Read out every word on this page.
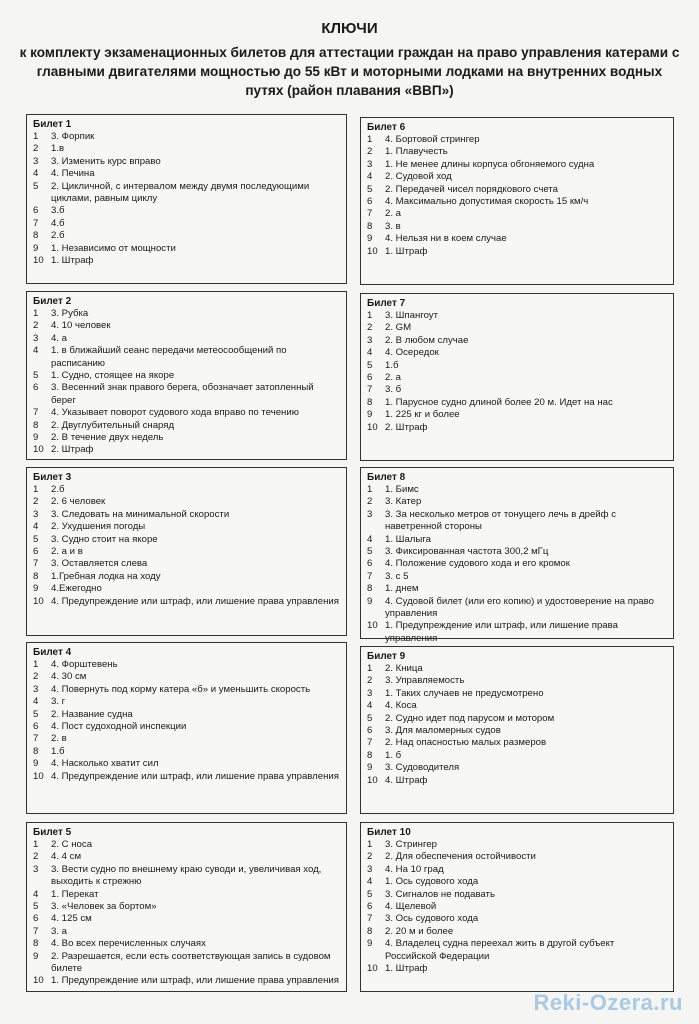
КЛЮЧИ
к комплекту экзаменационных билетов для аттестации граждан на право управления катерами с главными двигателями мощностью до 55 кВт и моторными лодками на внутренних водных путях (район плавания «ВВП»)
Билет 1
1	3. Форпик
2	1.в
3	3. Изменить курс вправо
4	4. Печина
5	2. Цикличной, с интервалом между двумя последующими циклами, равным циклу
6	3.б
7	4.б
8	2.б
9	1. Независимо от мощности
10 1. Штраф
Билет 2
1	3. Рубка
2	4. 10 человек
3	4. а
4	1. в ближайший сеанс передачи метеосообщений по расписанию
5	1. Судно, стоящее на якоре
6	3. Весенний знак правого берега, обозначает затопленный берег
7	4. Указывает поворот судового хода вправо по течению
8	2. Двуглубительный снаряд
9	2. В течение двух недель
10 2. Штраф
Билет 3
1	2.б
2	2. 6 человек
3	3. Следовать на минимальной скорости
4	2. Ухудшения погоды
5	3. Судно стоит на якоре
6	2. а и в
7	3. Оставляется слева
8	1.Гребная лодка на ходу
9	4.Ежегодно
10 4. Предупреждение или штраф, или лишение права управления
Билет 4
1	4. Форштевень
2	4. 30 см
3	4. Повернуть под корму катера «б» и уменьшить скорость
4	3. г
5	2. Название судна
6	4. Пост судоходной инспекции
7	2. в
8	1.б
9	4. Насколько хватит сил
10 4. Предупреждение или штраф, или лишение права управления
Билет 5
1	2. С носа
2	4. 4 см
3	3. Вести судно по внешнему краю суводи и, увеличивая ход, выходить к стрежню
4	1. Перекат
5	3. «Человек за бортом»
6	4. 125 см
7	3. а
8	4. Во всех перечисленных случаях
9	2. Разрешается, если есть соответствующая запись в судовом билете
10 1. Предупреждение или штраф, или лишение права управления
Билет 6
1	4. Бортовой стрингер
2	1. Плавучесть
3	1. Не менее длины корпуса обгоняемого судна
4	2. Судовой ход
5	2. Передачей чисел порядкового счета
6	4. Максимально допустимая скорость 15 км/ч
7	2. а
8	3. в
9	4. Нельзя ни в коем случае
10 1. Штраф
Билет 7
1	3. Шпангоут
2	2. GM
3	2. В любом случае
4	4. Осередок
5	1.б
6	2. а
7	3. б
8	1. Парусное судно длиной более 20 м. Идет на нас
9	1. 225 кг и более
10 2. Штраф
Билет 8
1	1. Бимс
2	3. Катер
3	3. За несколько метров от тонущего лечь в дрейф с наветренной стороны
4	1. Шалыга
5	3. Фиксированная частота 300,2 мГц
6	4. Положение судового хода и его кромок
7	3. с 5
8	1. днем
9	4. Судовой билет (или его копию) и удостоверение на право управления
10 1. Предупреждение или штраф, или лишение права управления
Билет 9
1	2. Кница
2	3. Управляемость
3	1. Таких случаев не предусмотрено
4	4. Коса
5	2. Судно идет под парусом и мотором
6	3. Для маломерных судов
7	2. Над опасностью малых размеров
8	1. б
9	3. Судоводителя
10 4. Штраф
Билет 10
1	3. Стрингер
2	2. Для обеспечения остойчивости
3	4. На 10 град
4	1. Ось судового хода
5	3. Сигналов не подавать
6	4. Щелевой
7	3. Ось судового хода
8	2. 20 м и более
9	4. Владелец судна переехал жить в другой субъект Российской Федерации
10 1. Штраф
Reki-Ozera.ru
